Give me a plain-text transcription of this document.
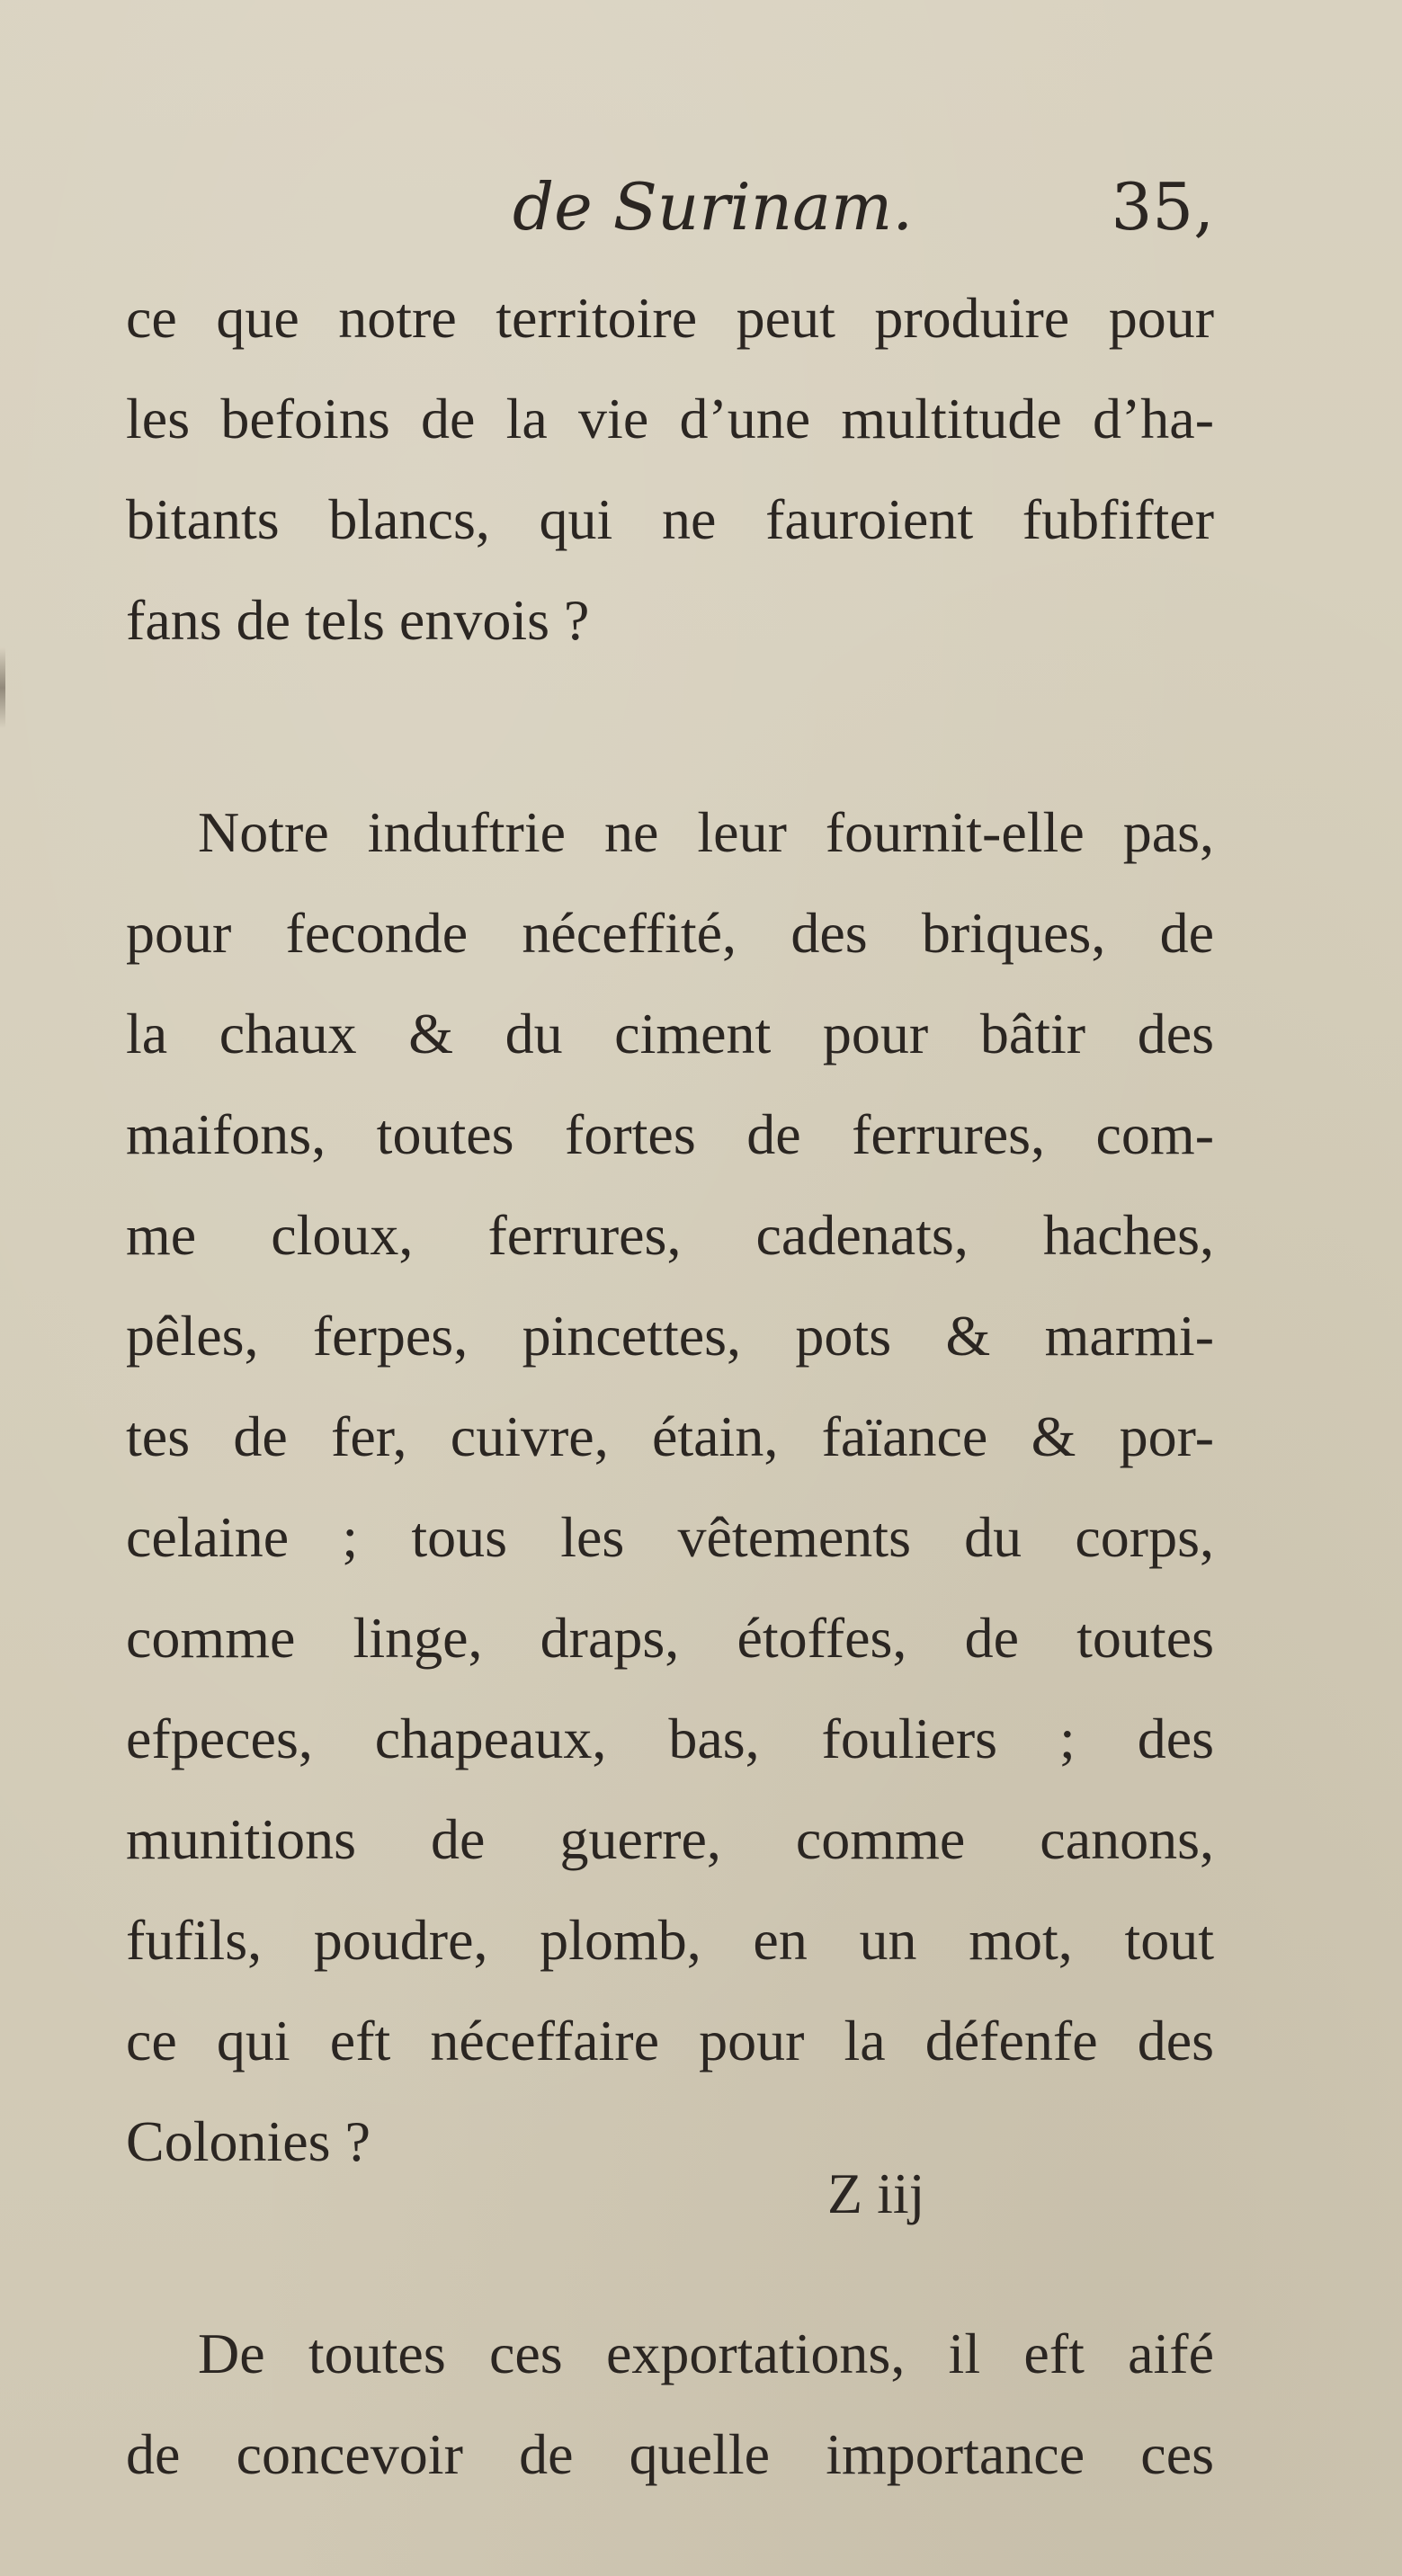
de Surinam.	35,
ce que notre territoire peut produire pour
les befoins de la vie d’une multitude d’ha-
bitants blancs, qui ne fauroient fubfifter
fans de tels envois ?
Notre induftrie ne leur fournit-elle pas,
pour feconde néceffité, des briques, de
la chaux & du ciment pour bâtir des
maifons, toutes fortes de ferrures, com-
me cloux, ferrures, cadenats, haches,
pêles, ferpes, pincettes, pots & marmi-
tes de fer, cuivre, étain, faïance & por-
celaine ; tous les vêtements du corps,
comme linge, draps, étoffes, de toutes
efpeces, chapeaux, bas, fouliers ; des
munitions de guerre, comme canons,
fufils, poudre, plomb, en un mot, tout
ce qui eft néceffaire pour la défenfe des
Colonies ?
De toutes ces exportations, il eft aifé
de concevoir de quelle importance ces
Z iij
